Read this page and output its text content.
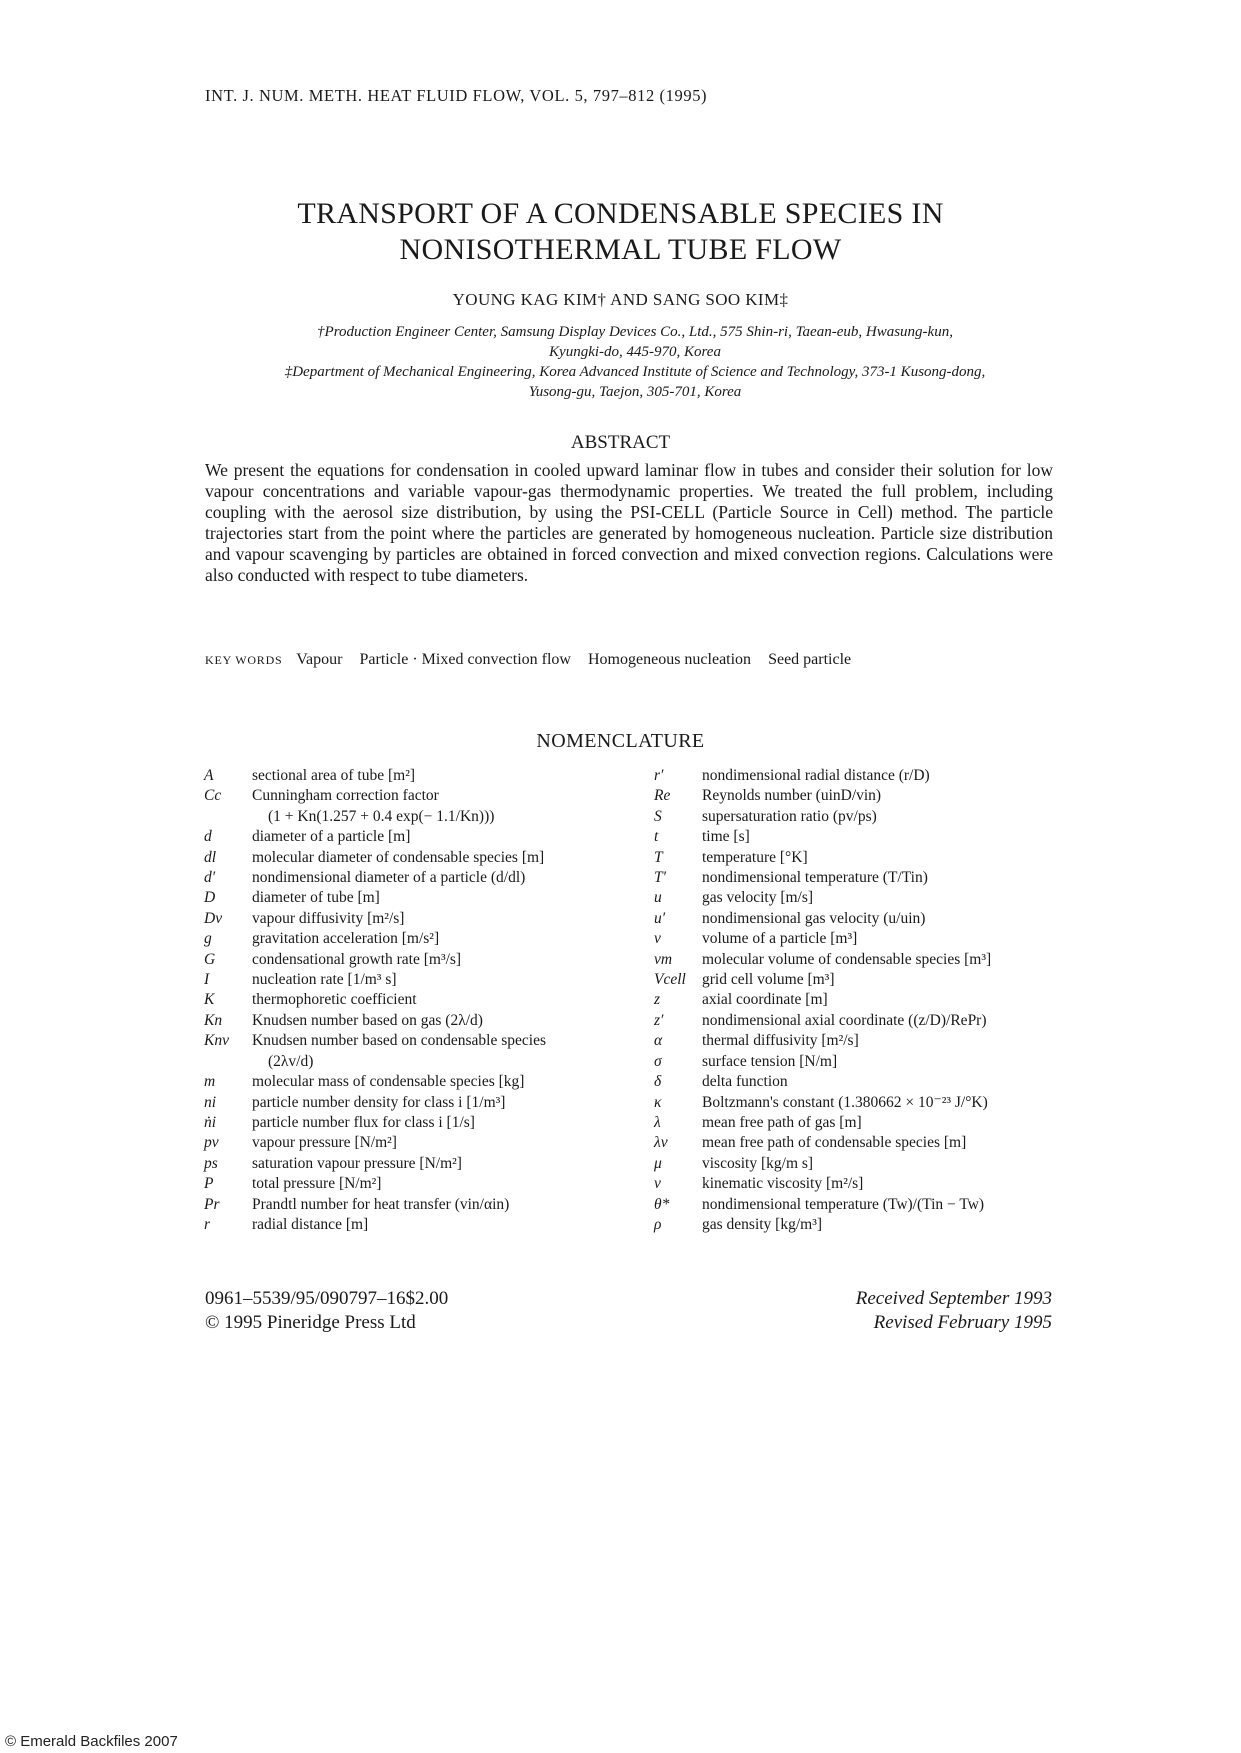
INT. J. NUM. METH. HEAT FLUID FLOW, VOL. 5, 797–812 (1995)
TRANSPORT OF A CONDENSABLE SPECIES IN
NONISOTHERMAL TUBE FLOW
YOUNG KAG KIM† AND SANG SOO KIM‡
†Production Engineer Center, Samsung Display Devices Co., Ltd., 575 Shin-ri, Taean-eub, Hwasung-kun,
Kyungki-do, 445-970, Korea
‡Department of Mechanical Engineering, Korea Advanced Institute of Science and Technology, 373-1 Kusong-dong,
Yusong-gu, Taejon, 305-701, Korea
ABSTRACT
We present the equations for condensation in cooled upward laminar flow in tubes and consider their solution for low vapour concentrations and variable vapour-gas thermodynamic properties. We treated the full problem, including coupling with the aerosol size distribution, by using the PSI-CELL (Particle Source in Cell) method. The particle trajectories start from the point where the particles are generated by homogeneous nucleation. Particle size distribution and vapour scavenging by particles are obtained in forced convection and mixed convection regions. Calculations were also conducted with respect to tube diameters.
KEY WORDS Vapour Particle · Mixed convection flow Homogeneous nucleation Seed particle
NOMENCLATURE
A	sectional area of tube [m²]
Cc	Cunningham correction factor
(1 + Kn(1.257 + 0.4 exp(− 1.1/Kn)))
d	diameter of a particle [m]
dl	molecular diameter of condensable species [m]
d′	nondimensional diameter of a particle (d/dl)
D	diameter of tube [m]
Dv	vapour diffusivity [m²/s]
g	gravitation acceleration [m/s²]
G	condensational growth rate [m³/s]
I	nucleation rate [1/m³ s]
K	thermophoretic coefficient
Kn	Knudsen number based on gas (2λ/d)
Knv	Knudsen number based on condensable species
(2λv/d)
m	molecular mass of condensable species [kg]
ni	particle number density for class i [1/m³]
ṅi	particle number flux for class i [1/s]
pv	vapour pressure [N/m²]
ps	saturation vapour pressure [N/m²]
P	total pressure [N/m²]
Pr	Prandtl number for heat transfer (vin/αin)
r	radial distance [m]
r′	nondimensional radial distance (r/D)
Re	Reynolds number (uinD/vin)
S	supersaturation ratio (pv/ps)
t	time [s]
T	temperature [°K]
T′	nondimensional temperature (T/Tin)
u	gas velocity [m/s]
u′	nondimensional gas velocity (u/uin)
v	volume of a particle [m³]
vm	molecular volume of condensable species [m³]
Vcell	grid cell volume [m³]
z	axial coordinate [m]
z′	nondimensional axial coordinate ((z/D)/RePr)
α	thermal diffusivity [m²/s]
σ	surface tension [N/m]
δ	delta function
κ	Boltzmann's constant (1.380662 × 10⁻²³ J/°K)
λ	mean free path of gas [m]
λv	mean free path of condensable species [m]
μ	viscosity [kg/m s]
ν	kinematic viscosity [m²/s]
θ*	nondimensional temperature (Tw)/(Tin − Tw)
ρ	gas density [kg/m³]
0961–5539/95/090797–16$2.00
© 1995 Pineridge Press Ltd
Received September 1993
Revised February 1995
© Emerald Backfiles 2007
